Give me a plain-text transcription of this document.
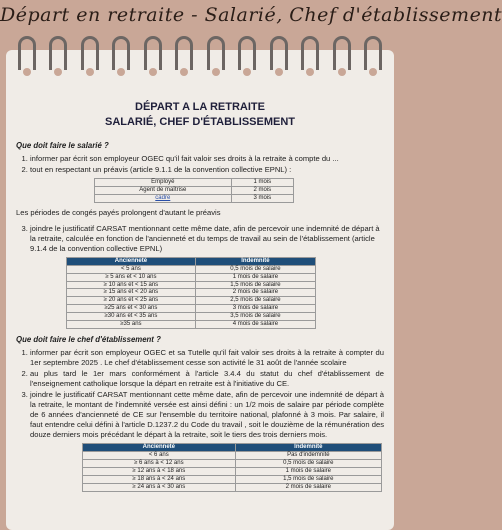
Départ en retraite - Salarié, Chef d'établissement
DÉPART A LA RETRAITE
SALARIÉ, CHEF D'ÉTABLISSEMENT
Que doit faire le salarié ?
1. informer par écrit son employeur OGEC qu'il fait valoir ses droits à la retraite à compte du ...
2. tout en respectant un préavis (article 9.1.1 de la convention collective EPNL) :
Employé	1 mois
Agent de maîtrise	2 mois
cadre	3 mois
Les périodes de congés payés prolongent d'autant le préavis
3. joindre le justificatif CARSAT mentionnant cette même date, afin de percevoir une indemnité de départ à la retraite, calculée en fonction de l'ancienneté et du temps de travail au sein de l'établissement (article 9.1.4 de la convention collective EPNL)
Ancienneté	Indemnité
< 5 ans	0,5 mois de salaire
≥ 5 ans et < 10 ans	1 mois de salaire
≥ 10 ans et < 15 ans	1,5 mois de salaire
≥ 15 ans et < 20 ans	2 mois de salaire
≥ 20 ans et < 25 ans	2,5 mois de salaire
≥25 ans et < 30 ans	3 mois de salaire
≥30 ans et < 35 ans	3,5 mois de salaire
≥35 ans	4 mois de salaire
Que doit faire le chef d'établissement ?
1. informer par écrit son employeur OGEC et sa Tutelle qu'il fait valoir ses droits à la retraite à compter du 1er septembre 2025 . Le chef d'établissement cesse son activité le 31 août de l'année scolaire
2. au plus tard le 1er mars conformément à l'article 3.4.4 du statut du chef d'établissement de l'enseignement catholique lorsque la départ en retraite est à l'initiative du CE.
3. joindre le justificatif CARSAT mentionnant cette même date, afin de percevoir une indemnité de départ à la retraite, le montant de l'indemnité versée est ainsi défini : un 1/2 mois de salaire par période complète de 6 années d'ancienneté de CE sur l'ensemble du territoire national, plafonné à 3 mois. Par salaire, il faut entendre celui défini à l'article D.1237.2 du Code du travail , soit le douzième de la rémunération des douze derniers mois précédant le départ à la retraite, soit le tiers des trois derniers mois.
Ancienneté	Indemnité
< 6 ans	Pas d'indemnité
≥ 6 ans à < 12 ans	0,5 mois de salaire
≥ 12 ans à < 18 ans	1 mois de salaire
≥ 18 ans à < 24 ans	1,5 mois de salaire
≥ 24 ans à < 30 ans	2 mois de salaire
